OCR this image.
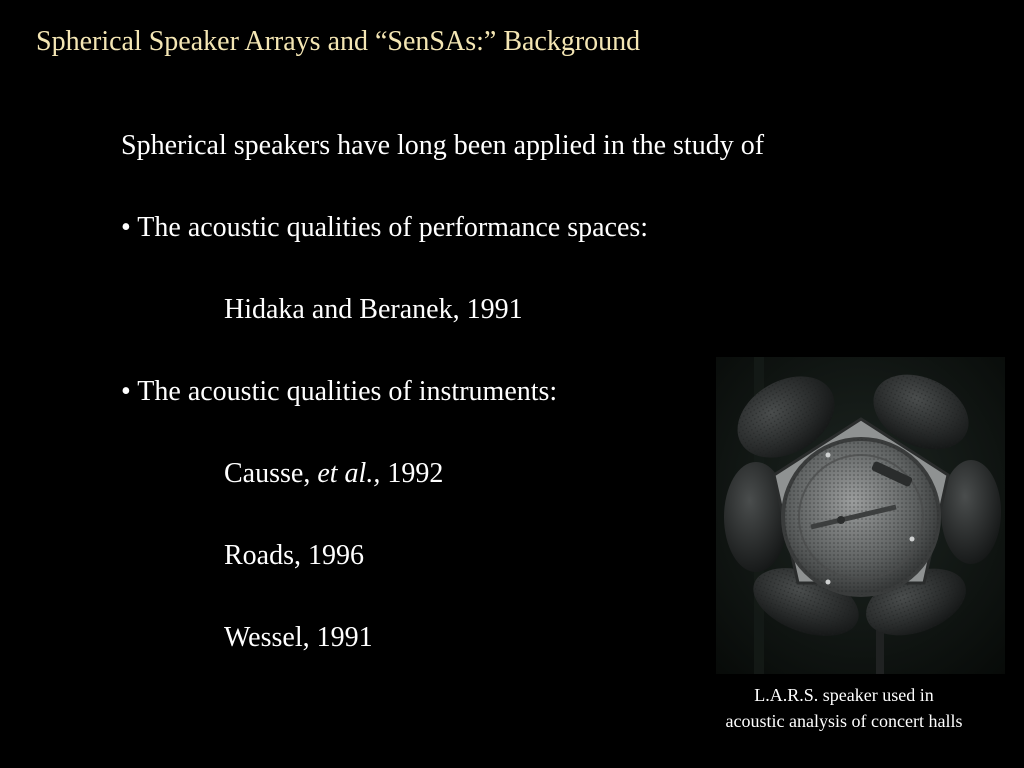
Spherical Speaker Arrays and “SenSAs:” Background
Spherical speakers have long been applied in the study of
• The acoustic qualities of performance spaces:
Hidaka and Beranek, 1991
• The acoustic qualities of instruments:
Causse, et al., 1992
Roads, 1996
Wessel, 1991
L.A.R.S. speaker used in
acoustic analysis of concert halls
